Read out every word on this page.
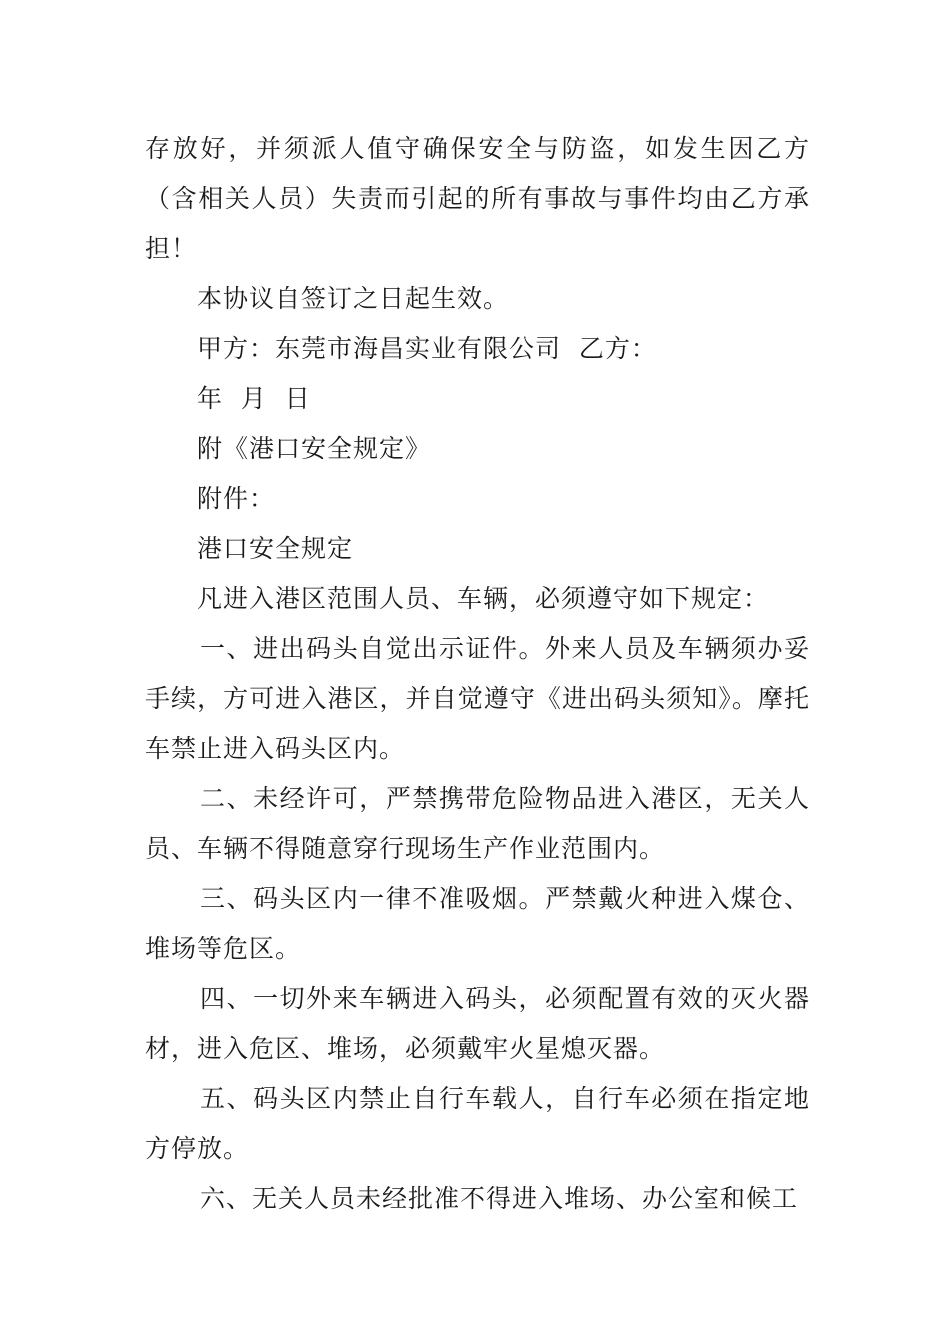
存放好，并须派人值守确保安全与防盗，如发生因乙方（含相关人员）失责而引起的所有事故与事件均由乙方承担！

本协议自签订之日起生效。

甲方：东莞市海昌实业有限公司  乙方：

年  月  日

附《港口安全规定》

附件：

港口安全规定

凡进入港区范围人员、车辆，必须遵守如下规定：

一、进出码头自觉出示证件。外来人员及车辆须办妥手续，方可进入港区，并自觉遵守《进出码头须知》。摩托车禁止进入码头区内。

二、未经许可，严禁携带危险物品进入港区，无关人员、车辆不得随意穿行现场生产作业范围内。

三、码头区内一律不准吸烟。严禁戴火种进入煤仓、堆场等危区。

四、一切外来车辆进入码头，必须配置有效的灭火器材，进入危区、堆场，必须戴牢火星熄灭器。

五、码头区内禁止自行车载人，自行车必须在指定地方停放。

六、无关人员未经批准不得进入堆场、办公室和候工
